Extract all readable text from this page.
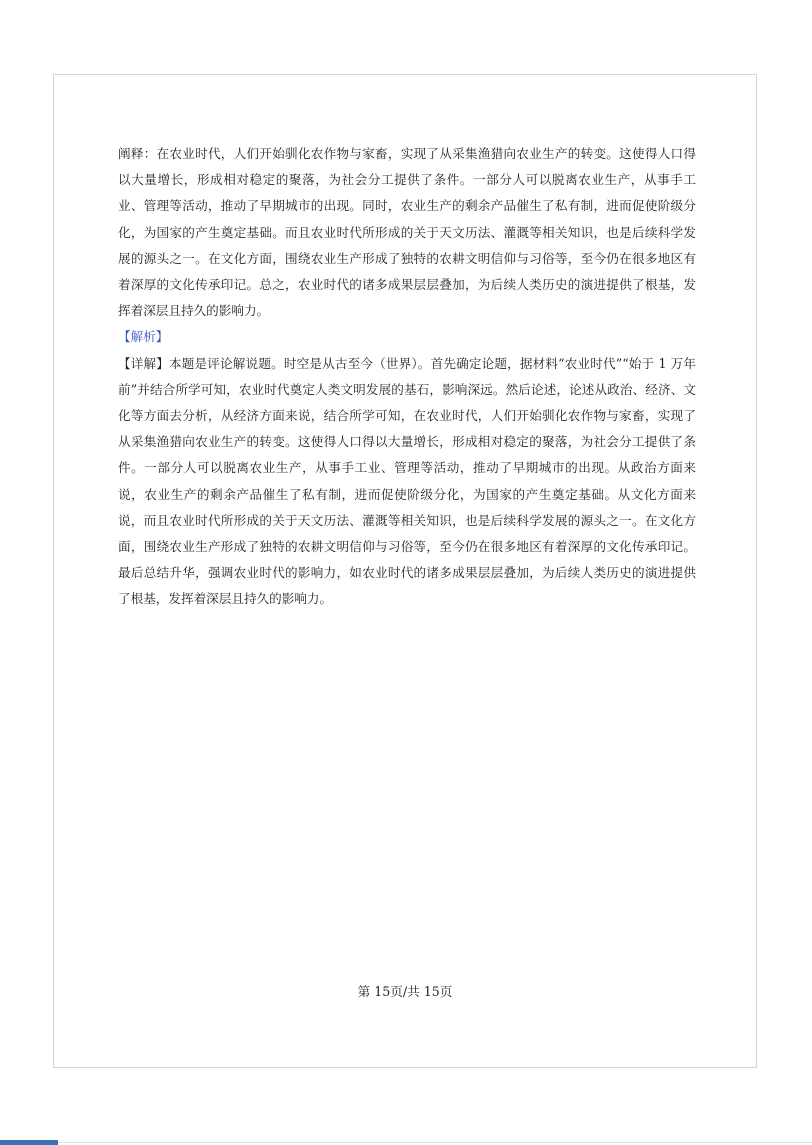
阐释：在农业时代，人们开始驯化农作物与家畜，实现了从采集渔猎向农业生产的转变。这使得人口得以大量增长，形成相对稳定的聚落，为社会分工提供了条件。一部分人可以脱离农业生产，从事手工业、管理等活动，推动了早期城市的出现。同时，农业生产的剩余产品催生了私有制，进而促使阶级分化，为国家的产生奠定基础。而且农业时代所形成的关于天文历法、灌溉等相关知识，也是后续科学发展的源头之一。在文化方面，围绕农业生产形成了独特的农耕文明信仰与习俗等，至今仍在很多地区有着深厚的文化传承印记。总之，农业时代的诸多成果层层叠加，为后续人类历史的演进提供了根基，发挥着深层且持久的影响力。

【解析】

【详解】本题是评论解说题。时空是从古至今（世界）。首先确定论题，据材料“农业时代”“始于 1 万年前”并结合所学可知，农业时代奠定人类文明发展的基石，影响深远。然后论述，论述从政治、经济、文化等方面去分析，从经济方面来说，结合所学可知，在农业时代，人们开始驯化农作物与家畜，实现了从采集渔猎向农业生产的转变。这使得人口得以大量增长，形成相对稳定的聚落，为社会分工提供了条件。一部分人可以脱离农业生产，从事手工业、管理等活动，推动了早期城市的出现。从政治方面来说，农业生产的剩余产品催生了私有制，进而促使阶级分化，为国家的产生奠定基础。从文化方面来说，而且农业时代所形成的关于天文历法、灌溉等相关知识，也是后续科学发展的源头之一。在文化方面，围绕农业生产形成了独特的农耕文明信仰与习俗等，至今仍在很多地区有着深厚的文化传承印记。最后总结升华，强调农业时代的影响力，如农业时代的诸多成果层层叠加，为后续人类历史的演进提供了根基，发挥着深层且持久的影响力。

第 15页/共 15页
